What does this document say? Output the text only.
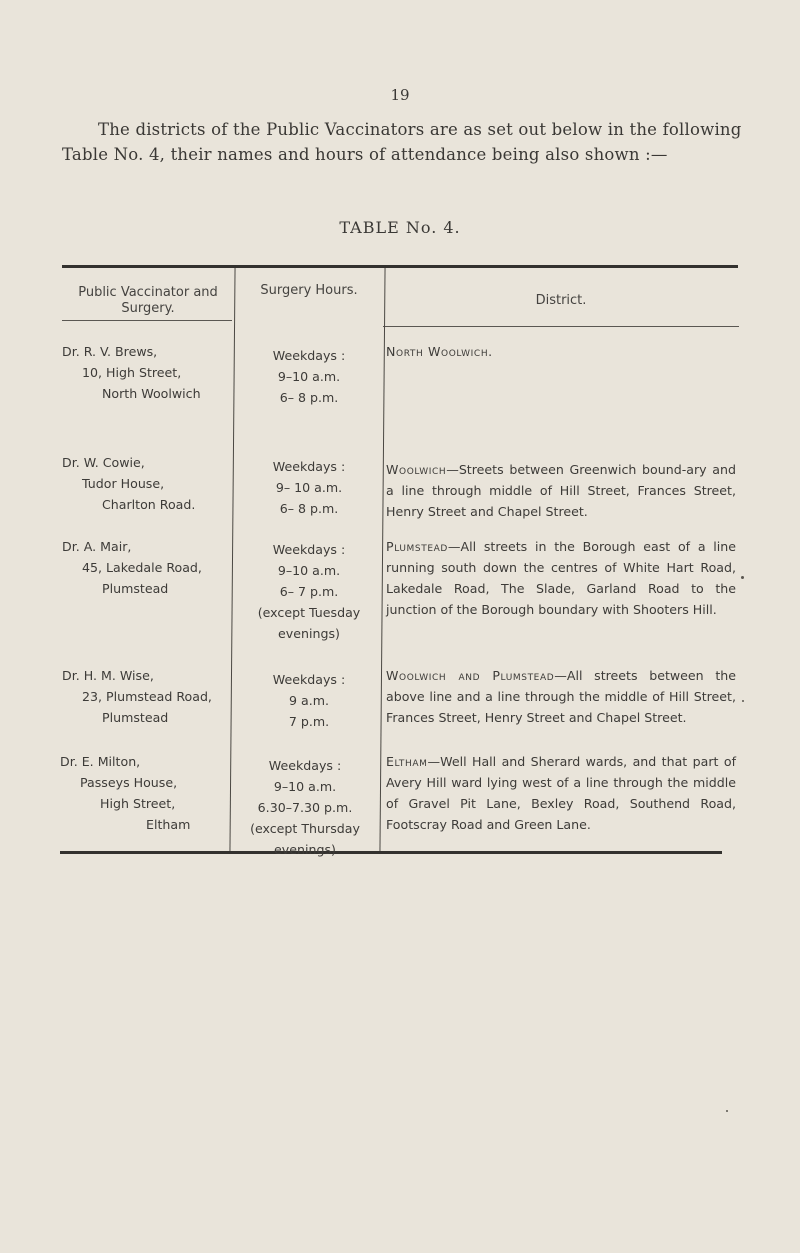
19

The districts of the Public Vaccinators are as set out below in the following Table No. 4, their names and hours of attendance being also shown :—

TABLE No. 4.
Public Vaccinator and Surgery.
Surgery Hours.
District.
Dr. R. V. Brews,
10, High Street,
North Woolwich
Weekdays :
9–10 a.m.
6– 8 p.m.
North Woolwich.
Dr. W. Cowie,
Tudor House,
Charlton Road.
Weekdays :
9– 10 a.m.
6– 8 p.m.
Woolwich—Streets between Greenwich bound-ary and a line through middle of Hill Street, Frances Street, Henry Street and Chapel Street.
Dr. A. Mair,
45, Lakedale Road,
Plumstead
Weekdays :
9–10 a.m.
6– 7 p.m.
(except Tuesday
evenings)
Plumstead—All streets in the Borough east of a line running south down the centres of White Hart Road, Lakedale Road, The Slade, Garland Road to the junction of the Borough boundary with Shooters Hill.
Dr. H. M. Wise,
23, Plumstead Road,
Plumstead
Weekdays :
9 a.m.
7 p.m.
Woolwich and Plumstead—All streets between the above line and a line through the middle of Hill Street, Frances Street, Henry Street and Chapel Street.
Dr. E. Milton,
Passeys House,
High Street,
Eltham
Weekdays :
9–10 a.m.
6.30–7.30 p.m.
(except Thursday
evenings)
Eltham—Well Hall and Sherard wards, and that part of Avery Hill ward lying west of a line through the middle of Gravel Pit Lane, Bexley Road, Southend Road, Footscray Road and Green Lane.
